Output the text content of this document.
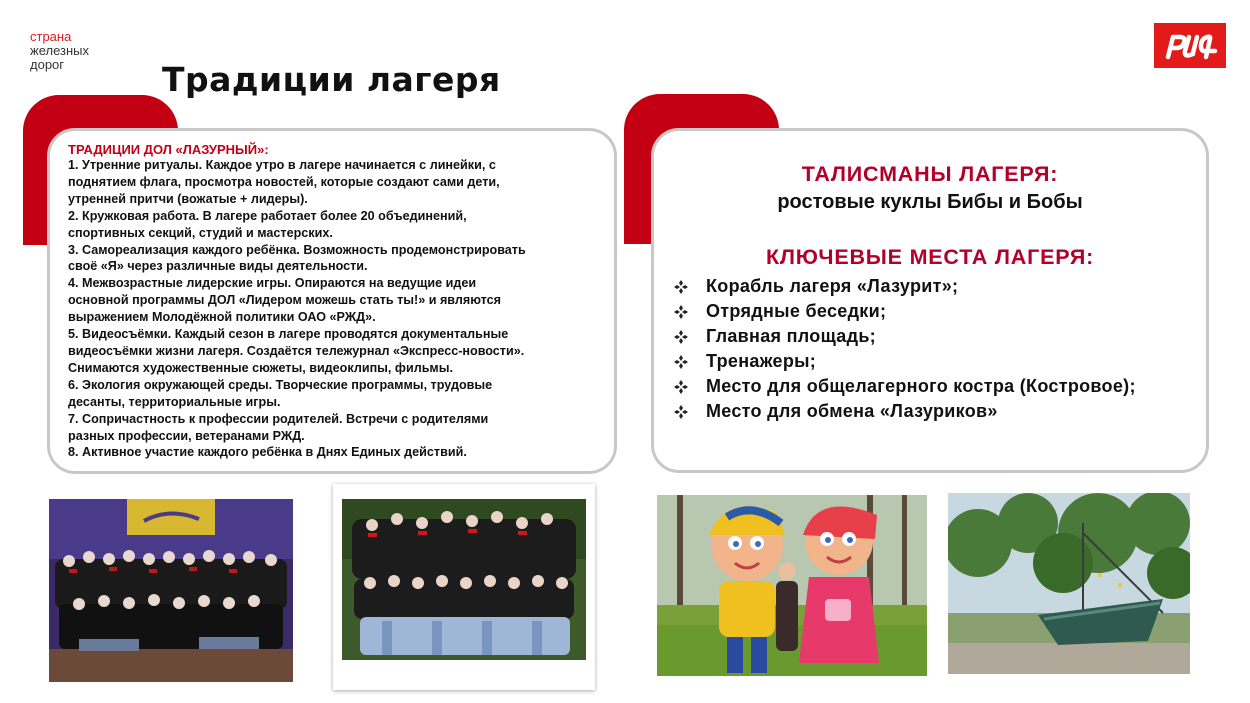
страна
железных
дорог	Традиции лагеря
ТРАДИЦИИ ДОЛ «ЛАЗУРНЫЙ»:
1. Утренние ритуалы. Каждое утро в лагере начинается с линейки, с
поднятием флага, просмотра новостей, которые создают сами дети,
утренней притчи (вожатые + лидеры).
2. Кружковая работа. В лагере работает более 20 объединений,
спортивных секций, студий и мастерских.
3. Самореализация каждого ребёнка. Возможность продемонстрировать
своё «Я» через различные виды деятельности.
4. Межвозрастные лидерские игры. Опираются на ведущие идеи
основной программы ДОЛ «Лидером можешь стать ты!» и являются
выражением Молодёжной политики ОАО «РЖД».
5. Видеосъёмки. Каждый сезон в лагере проводятся документальные
видеосъёмки жизни лагеря. Создаётся тележурнал «Экспресс-новости».
Снимаются художественные сюжеты, видеоклипы, фильмы.
6. Экология окружающей среды. Творческие программы, трудовые
десанты, территориальные игры.
7. Сопричастность к профессии родителей. Встречи с родителями
разных профессии, ветеранами РЖД.
8. Активное участие каждого ребёнка в Днях Единых действий.
ТАЛИСМАНЫ ЛАГЕРЯ:
ростовые куклы Бибы и Бобы
КЛЮЧЕВЫЕ МЕСТА ЛАГЕРЯ:
Корабль лагеря «Лазурит»;
Отрядные беседки;
Главная площадь;
Тренажеры;
Место для общелагерного костра (Костровое);
Место для обмена «Лазуриков»
